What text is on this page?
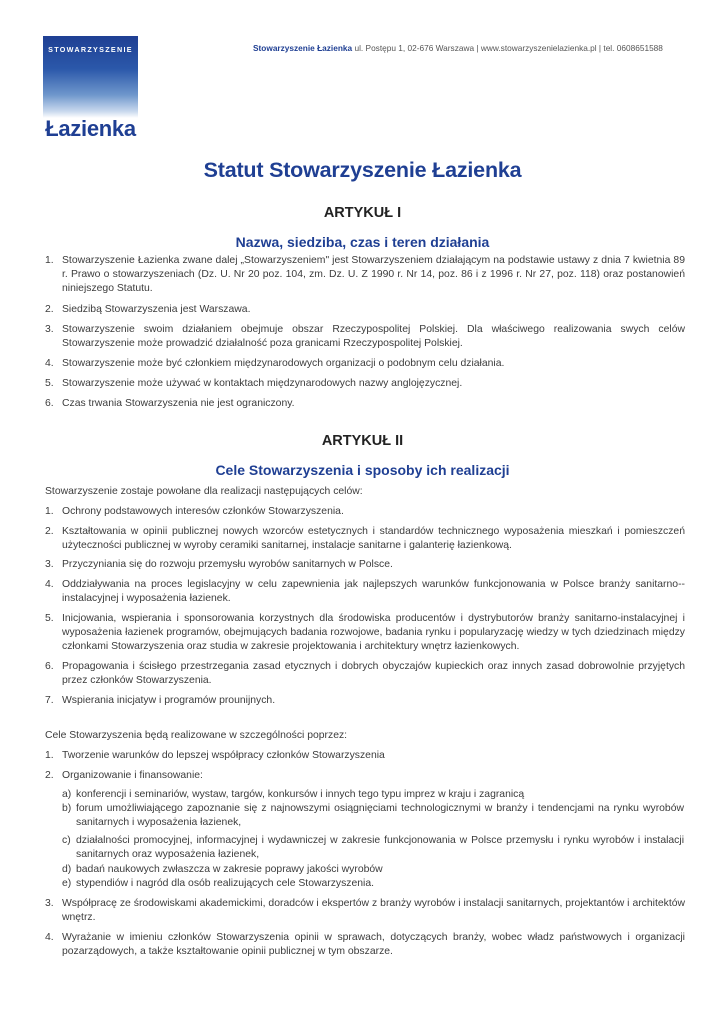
STOWARZYSZENIE
Łazienka
Stowarzyszenie Łazienka ul. Postępu 1, 02-676 Warszawa | www.stowarzyszenielazienka.pl | tel. 0608651588
Statut Stowarzyszenie Łazienka
ARTYKUŁ I
Nazwa, siedziba, czas i teren działania
1. Stowarzyszenie Łazienka zwane dalej „Stowarzyszeniem" jest Stowarzyszeniem działającym na podstawie ustawy z dnia 7 kwietnia 89 r. Prawo o stowarzyszeniach (Dz. U. Nr 20 poz. 104, zm. Dz. U. Z 1990 r. Nr 14, poz. 86 i z 1996 r. Nr 27, poz. 118) oraz postanowień niniejszego Statutu.
2. Siedzibą Stowarzyszenia jest Warszawa.
3. Stowarzyszenie swoim działaniem obejmuje obszar Rzeczypospolitej Polskiej. Dla właściwego realizowania swych celów Stowarzyszenie może prowadzić działalność poza granicami Rzeczypospolitej Polskiej.
4. Stowarzyszenie może być członkiem międzynarodowych organizacji o podobnym celu działania.
5. Stowarzyszenie może używać w kontaktach międzynarodowych nazwy anglojęzycznej.
6. Czas trwania Stowarzyszenia nie jest ograniczony.
ARTYKUŁ II
Cele Stowarzyszenia i sposoby ich realizacji
Stowarzyszenie zostaje powołane dla realizacji następujących celów:
1. Ochrony podstawowych interesów członków Stowarzyszenia.
2. Kształtowania w opinii publicznej nowych wzorców estetycznych i standardów technicznego wyposażenia mieszkań i pomieszczeń użyteczności publicznej w wyroby ceramiki sanitarnej, instalacje sanitarne i galanterię łazienkową.
3. Przyczyniania się do rozwoju przemysłu wyrobów sanitarnych w Polsce.
4. Oddziaływania na proces legislacyjny w celu zapewnienia jak najlepszych warunków funkcjonowania w Polsce branży sanitarno--instalacyjnej i wyposażenia łazienek.
5. Inicjowania, wspierania i sponsorowania korzystnych dla środowiska producentów i dystrybutorów branży sanitarno-instalacyjnej i wyposażenia łazienek programów, obejmujących badania rozwojowe, badania rynku i popularyzację wiedzy w tych dziedzinach między członkami Stowarzyszenia oraz studia w zakresie projektowania i architektury wnętrz łazienkowych.
6. Propagowania i ścisłego przestrzegania zasad etycznych i dobrych obyczajów kupieckich oraz innych zasad dobrowolnie przyjętych przez członków Stowarzyszenia.
7. Wspierania inicjatyw i programów prounijnych.
Cele Stowarzyszenia będą realizowane w szczególności poprzez:
1. Tworzenie warunków do lepszej współpracy członków Stowarzyszenia
2. Organizowanie i finansowanie:
a) konferencji i seminariów, wystaw, targów, konkursów i innych tego typu imprez w kraju i zagranicą
b) forum umożliwiającego zapoznanie się z najnowszymi osiągnięciami technologicznymi w branży i tendencjami na rynku wyrobów sanitarnych i wyposażenia łazienek,
c) działalności promocyjnej, informacyjnej i wydawniczej w zakresie funkcjonowania w Polsce przemysłu i rynku wyrobów i instalacji sanitarnych oraz wyposażenia łazienek,
d) badań naukowych zwłaszcza w zakresie poprawy jakości wyrobów
e) stypendiów i nagród dla osób realizujących cele Stowarzyszenia.
3. Współpracę ze środowiskami akademickimi, doradców i ekspertów z branży wyrobów i instalacji sanitarnych, projektantów i architektów wnętrz.
4. Wyrażanie w imieniu członków Stowarzyszenia opinii w sprawach, dotyczących branży, wobec władz państwowych i organizacji pozarządowych, a także kształtowanie opinii publicznej w tym obszarze.
